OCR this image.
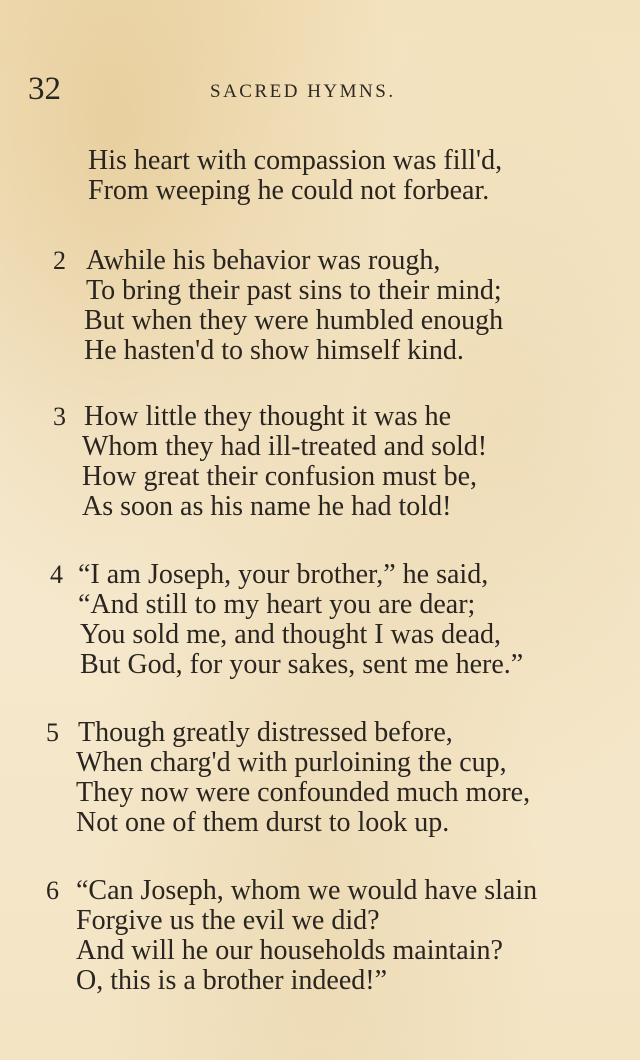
32	SACRED HYMNS.
His heart with compassion was fill'd,
From weeping he could not forbear.
2 Awhile his behavior was rough,
To bring their past sins to their mind;
But when they were humbled enough
He hasten'd to show himself kind.
3 How little they thought it was he
Whom they had ill-treated and sold!
How great their confusion must be,
As soon as his name he had told!
4 “I am Joseph, your brother,” he said,
“And still to my heart you are dear;
You sold me, and thought I was dead,
But God, for your sakes, sent me here.”
5 Though greatly distressed before,
When charg'd with purloining the cup,
They now were confounded much more,
Not one of them durst to look up.
6 “Can Joseph, whom we would have slain
Forgive us the evil we did?
And will he our households maintain?
O, this is a brother indeed!”
